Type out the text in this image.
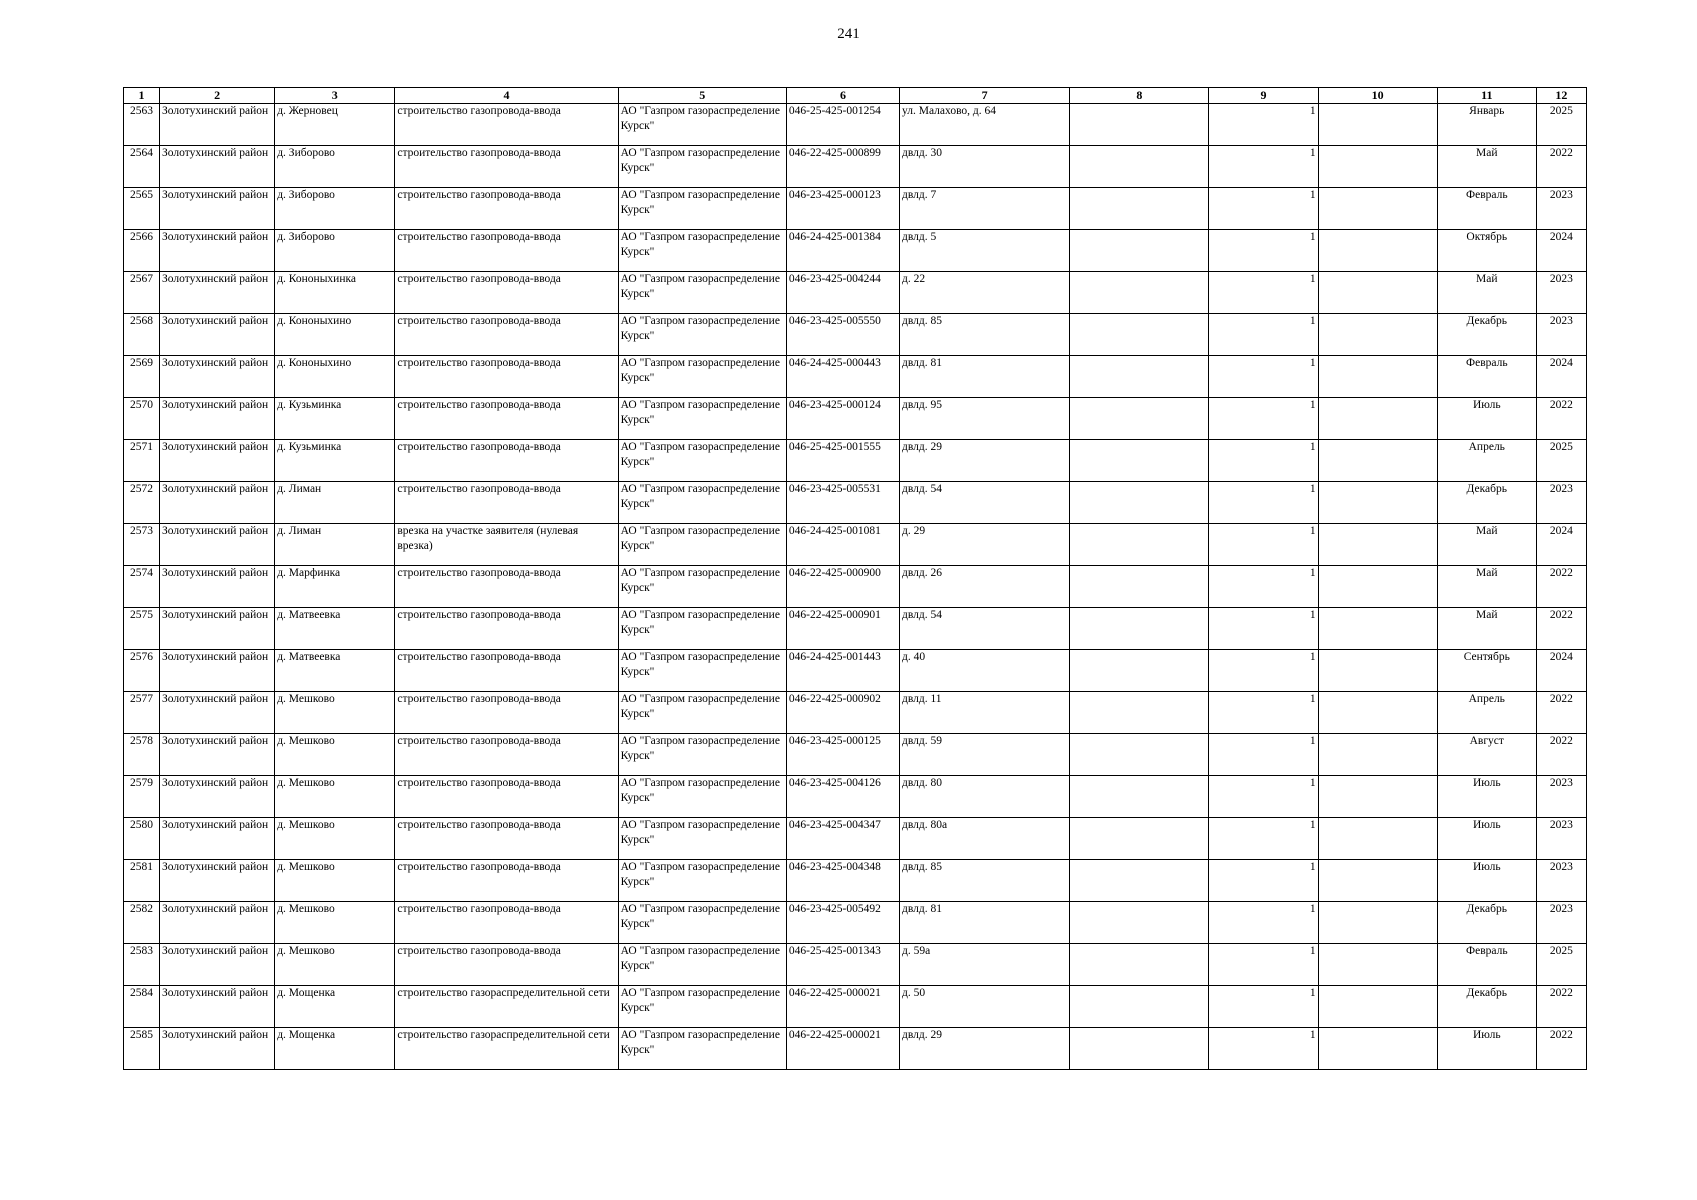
241
1	2	3	4	5	6	7	8	9	10	11	12
2563	Золотухинский район	д. Жерновец	строительство газопровода-ввода	АО "Газпром газораспределение Курск"	046-25-425-001254	ул. Малахово, д. 64		1		Январь	2025
2564	Золотухинский район	д. Зиборово	строительство газопровода-ввода	АО "Газпром газораспределение Курск"	046-22-425-000899	двлд. 30		1		Май	2022
2565	Золотухинский район	д. Зиборово	строительство газопровода-ввода	АО "Газпром газораспределение Курск"	046-23-425-000123	двлд. 7		1		Февраль	2023
2566	Золотухинский район	д. Зиборово	строительство газопровода-ввода	АО "Газпром газораспределение Курск"	046-24-425-001384	двлд. 5		1		Октябрь	2024
2567	Золотухинский район	д. Кононыхинка	строительство газопровода-ввода	АО "Газпром газораспределение Курск"	046-23-425-004244	д. 22		1		Май	2023
2568	Золотухинский район	д. Кононыхино	строительство газопровода-ввода	АО "Газпром газораспределение Курск"	046-23-425-005550	двлд. 85		1		Декабрь	2023
2569	Золотухинский район	д. Кононыхино	строительство газопровода-ввода	АО "Газпром газораспределение Курск"	046-24-425-000443	двлд. 81		1		Февраль	2024
2570	Золотухинский район	д. Кузьминка	строительство газопровода-ввода	АО "Газпром газораспределение Курск"	046-23-425-000124	двлд. 95		1		Июль	2022
2571	Золотухинский район	д. Кузьминка	строительство газопровода-ввода	АО "Газпром газораспределение Курск"	046-25-425-001555	двлд. 29		1		Апрель	2025
2572	Золотухинский район	д. Лиман	строительство газопровода-ввода	АО "Газпром газораспределение Курск"	046-23-425-005531	двлд. 54		1		Декабрь	2023
2573	Золотухинский район	д. Лиман	врезка на участке заявителя (нулевая врезка)	АО "Газпром газораспределение Курск"	046-24-425-001081	д. 29		1		Май	2024
2574	Золотухинский район	д. Марфинка	строительство газопровода-ввода	АО "Газпром газораспределение Курск"	046-22-425-000900	двлд. 26		1		Май	2022
2575	Золотухинский район	д. Матвеевка	строительство газопровода-ввода	АО "Газпром газораспределение Курск"	046-22-425-000901	двлд. 54		1		Май	2022
2576	Золотухинский район	д. Матвеевка	строительство газопровода-ввода	АО "Газпром газораспределение Курск"	046-24-425-001443	д. 40		1		Сентябрь	2024
2577	Золотухинский район	д. Мешково	строительство газопровода-ввода	АО "Газпром газораспределение Курск"	046-22-425-000902	двлд. 11		1		Апрель	2022
2578	Золотухинский район	д. Мешково	строительство газопровода-ввода	АО "Газпром газораспределение Курск"	046-23-425-000125	двлд. 59		1		Август	2022
2579	Золотухинский район	д. Мешково	строительство газопровода-ввода	АО "Газпром газораспределение Курск"	046-23-425-004126	двлд. 80		1		Июль	2023
2580	Золотухинский район	д. Мешково	строительство газопровода-ввода	АО "Газпром газораспределение Курск"	046-23-425-004347	двлд. 80а		1		Июль	2023
2581	Золотухинский район	д. Мешково	строительство газопровода-ввода	АО "Газпром газораспределение Курск"	046-23-425-004348	двлд. 85		1		Июль	2023
2582	Золотухинский район	д. Мешково	строительство газопровода-ввода	АО "Газпром газораспределение Курск"	046-23-425-005492	двлд. 81		1		Декабрь	2023
2583	Золотухинский район	д. Мешково	строительство газопровода-ввода	АО "Газпром газораспределение Курск"	046-25-425-001343	д. 59а		1		Февраль	2025
2584	Золотухинский район	д. Мощенка	строительство газораспределительной сети	АО "Газпром газораспределение Курск"	046-22-425-000021	д. 50		1		Декабрь	2022
2585	Золотухинский район	д. Мощенка	строительство газораспределительной сети	АО "Газпром газораспределение Курск"	046-22-425-000021	двлд. 29		1		Июль	2022
